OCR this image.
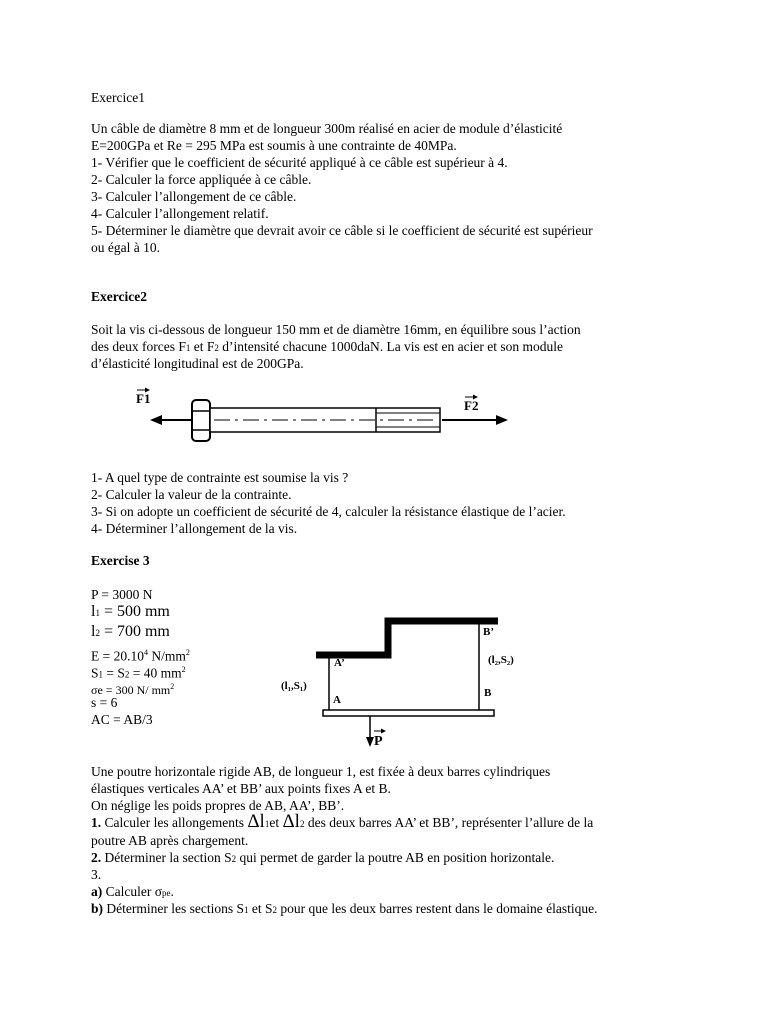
Exercice1
Un câble de diamètre 8 mm et de longueur 300m réalisé en acier de module d’élasticité
E=200GPa et Re = 295 MPa est soumis à une contrainte de 40MPa.
1- Vérifier que le coefficient de sécurité appliqué à ce câble est supérieur à 4.
2- Calculer la force appliquée à ce câble.
3- Calculer l’allongement de ce câble.
4- Calculer l’allongement relatif.
5- Déterminer le diamètre que devrait avoir ce câble si le coefficient de sécurité est supérieur
ou égal à 10.
Exercice2
Soit la vis ci-dessous de longueur 150 mm et de diamètre 16mm, en équilibre sous l’action
des deux forces F1 et F2 d’intensité chacune 1000daN. La vis est en acier et son module
d’élasticité longitudinal est de 200GPa.
F1	F2
1- A quel type de contrainte est soumise la vis ?
2- Calculer la valeur de la contrainte.
3- Si on adopte un coefficient de sécurité de 4, calculer la résistance élastique de l’acier.
4- Déterminer l’allongement de la vis.
Exercise 3
P = 3000 N
l1 = 500 mm
l2 = 700 mm
$E = 20.10^4$ $N/mm^2$
S1 = S2 = 40 $mm^2$
σe = 300 N/ $mm^2$
s = 6
AC = AB/3
A’
A
B’
B
(l₁,S₁)
(l₂,S₂)
P
Une poutre horizontale rigide AB, de longueur 1, est fixée à deux barres cylindriques
élastiques verticales AA’ et BB’ aux points fixes A et B.
On néglige les poids propres de AB, AA’, BB’.
1. Calculer les allongements Δl1et Δl2 des deux barres AA’ et BB’, représenter l’allure de la
poutre AB après chargement.
2. Déterminer la section S2 qui permet de garder la poutre AB en position horizontale.
3.
a) Calculer σpe.
b) Déterminer les sections S1 et S2 pour que les deux barres restent dans le domaine élastique.
